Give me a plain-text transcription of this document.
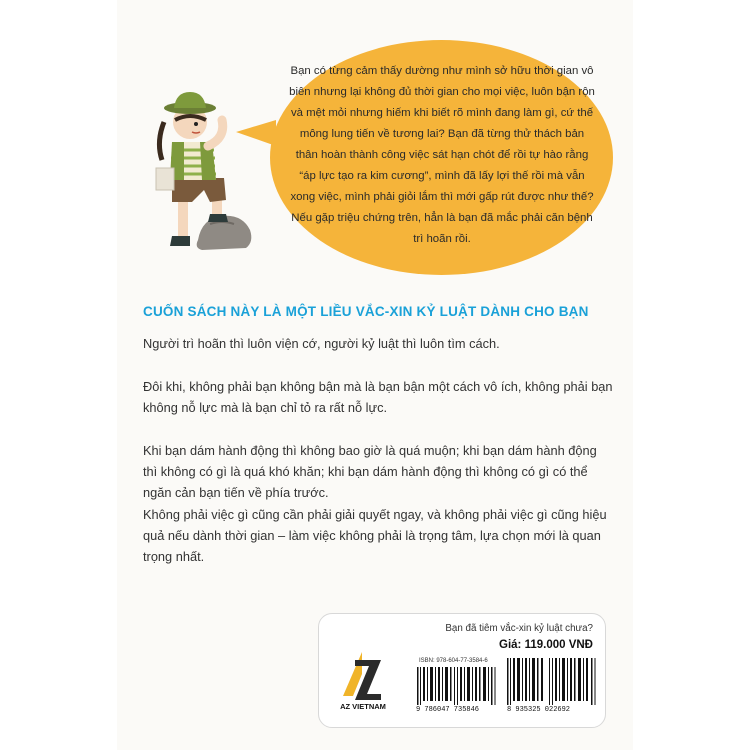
Bạn có từng cảm thấy dường như mình sở hữu thời gian vô biên nhưng lại không đủ thời gian cho mọi việc, luôn bận rộn và mệt mỏi nhưng hiếm khi biết rõ mình đang làm gì, cứ thế mông lung tiến về tương lai? Bạn đã từng thử thách bản thân hoàn thành công việc sát hạn chót để rồi tự hào rằng “áp lực tạo ra kim cương”, mình đã lấy lợi thế rồi mà vẫn xong việc, mình phải giỏi lắm thì mới gấp rút được như thế? Nếu gặp triệu chứng trên, hẳn là bạn đã mắc phải căn bệnh trì hoãn rồi.

CUỐN SÁCH NÀY LÀ MỘT LIỀU VẮC-XIN KỶ LUẬT DÀNH CHO BẠN

Người trì hoãn thì luôn viện cớ, người kỷ luật thì luôn tìm cách.

Đôi khi, không phải bạn không bận mà là bạn bận một cách vô ích, không phải bạn không nỗ lực mà là bạn chỉ tỏ ra rất nỗ lực.

Khi bạn dám hành động thì không bao giờ là quá muộn; khi bạn dám hành động thì không có gì là quá khó khăn; khi bạn dám hành động thì không có gì có thể ngăn cản bạn tiến về phía trước.

Không phải việc gì cũng cần phải giải quyết ngay, và không phải việc gì cũng hiệu quả nếu dành thời gian – làm việc không phải là trọng tâm, lựa chọn mới là quan trọng nhất.

Bạn đã tiêm vắc-xin kỷ luật chưa?

Giá: 119.000 VNĐ

AZ VIETNAM

ISBN: 978-604-77-3584-6

9 786047 735846	8 935325 022692
